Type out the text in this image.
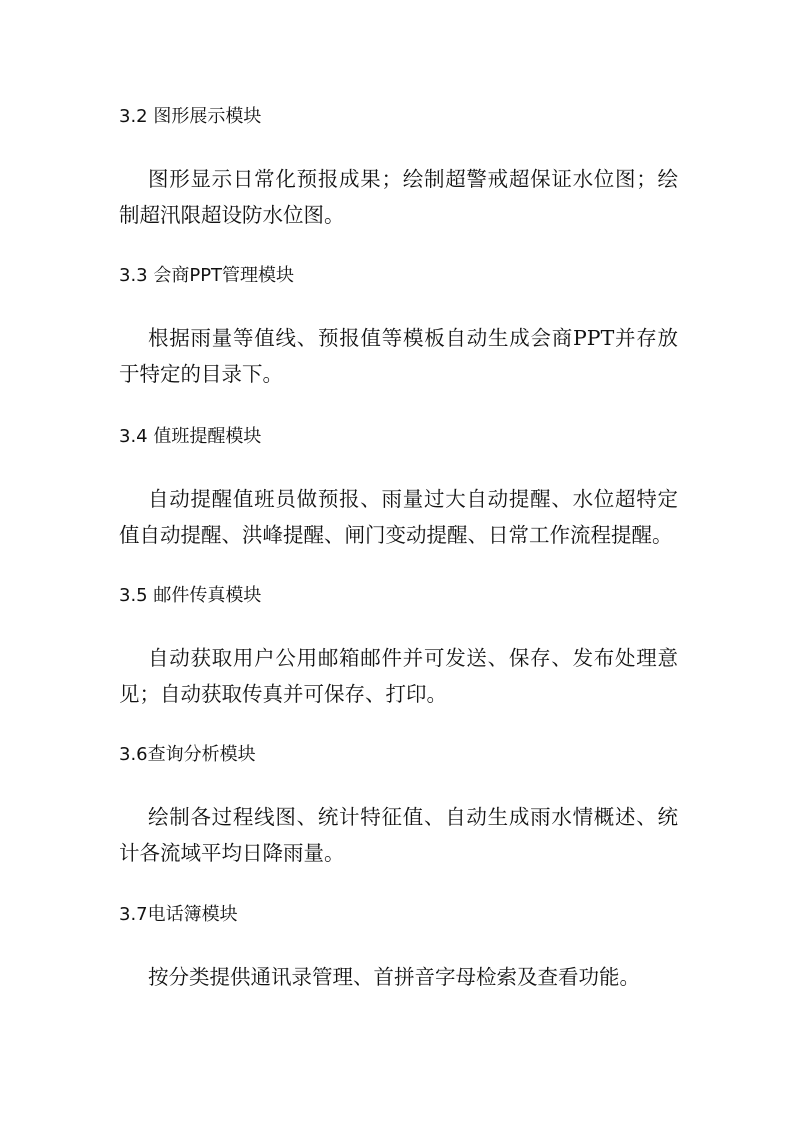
3.2 图形展示模块

图形显示日常化预报成果；绘制超警戒超保证水位图；绘制超汛限超设防水位图。

3.3 会商PPT管理模块

根据雨量等值线、预报值等模板自动生成会商PPT并存放于特定的目录下。

3.4 值班提醒模块

自动提醒值班员做预报、雨量过大自动提醒、水位超特定值自动提醒、洪峰提醒、闸门变动提醒、日常工作流程提醒。

3.5 邮件传真模块

自动获取用户公用邮箱邮件并可发送、保存、发布处理意见；自动获取传真并可保存、打印。

3.6查询分析模块

绘制各过程线图、统计特征值、自动生成雨水情概述、统计各流域平均日降雨量。

3.7电话簿模块

按分类提供通讯录管理、首拼音字母检索及查看功能。
